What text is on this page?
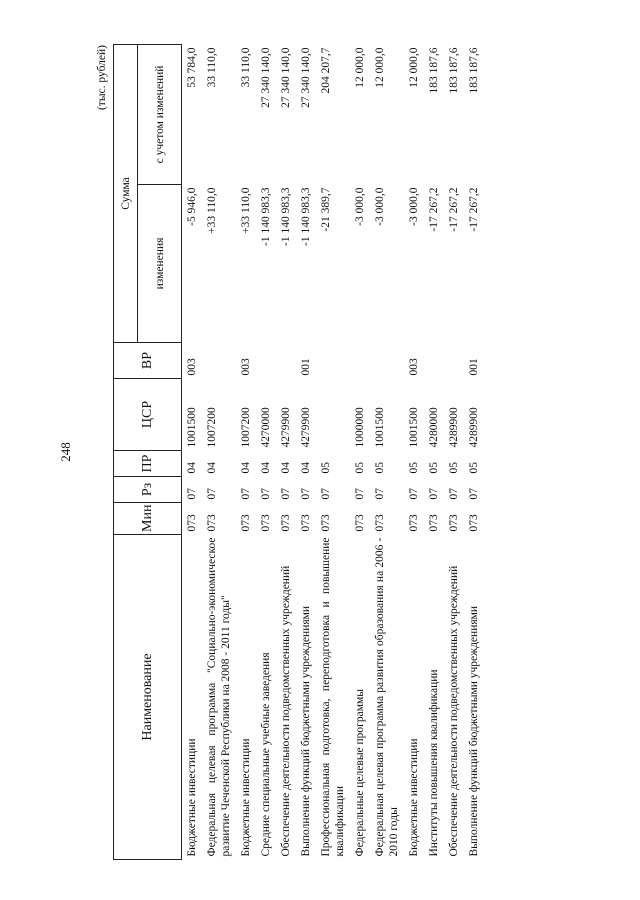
248
(тыс. рублей)
Наименование	Мин	Рз	ПР	ЦСР	ВР	Сумма	
						изменения	с учетом изменений
Бюджетные инвестиции	073	07	04	1001500	003	-5 946,0	53 784,0
Федеральная целевая программа "Социально-экономическое развитие Чеченской Республики на 2008 - 2011 годы"	073	07	04	1007200		+33 110,0	33 110,0
Бюджетные инвестиции	073	07	04	1007200	003	+33 110,0	33 110,0
Средние специальные учебные заведения	073	07	04	4270000		-1 140 983,3	27 340 140,0
Обеспечение деятельности подведомственных учреждений	073	07	04	4279900		-1 140 983,3	27 340 140,0
Выполнение функций бюджетными учреждениями	073	07	04	4279900	001	-1 140 983,3	27 340 140,0
Профессиональная подготовка, переподготовка и повышение квалификации	073	07	05			-21 389,7	204 207,7
Федеральные целевые программы	073	07	05	1000000		-3 000,0	12 000,0
Федеральная целевая программа развития образования на 2006 - 2010 годы	073	07	05	1001500		-3 000,0	12 000,0
Бюджетные инвестиции	073	07	05	1001500	003	-3 000,0	12 000,0
Институты повышения квалификации	073	07	05	4280000		-17 267,2	183 187,6
Обеспечение деятельности подведомственных учреждений	073	07	05	4289900		-17 267,2	183 187,6
Выполнение функций бюджетными учреждениями	073	07	05	4289900	001	-17 267,2	183 187,6
